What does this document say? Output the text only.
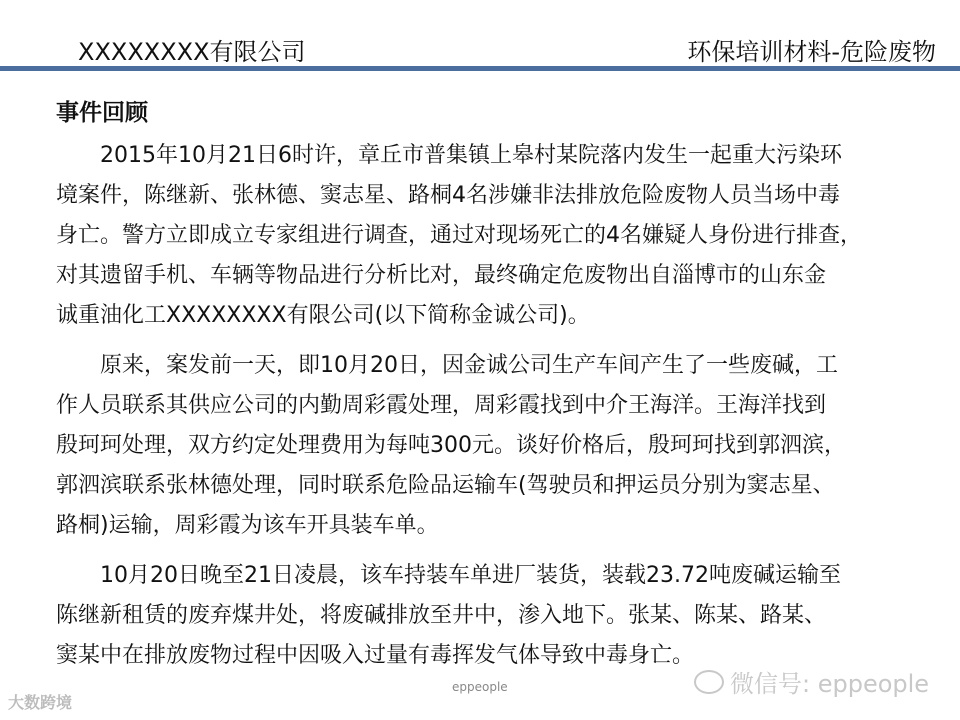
XXXXXXXX有限公司	环保培训材料-危险废物
事件回顾
2015年10月21日6时许，章丘市普集镇上皋村某院落内发生一起重大污染环
境案件，陈继新、张林德、窦志星、路桐4名涉嫌非法排放危险废物人员当场中毒
身亡。警方立即成立专家组进行调查，通过对现场死亡的4名嫌疑人身份进行排查，
对其遗留手机、车辆等物品进行分析比对，最终确定危废物出自淄博市的山东金
诚重油化工XXXXXXXX有限公司(以下简称金诚公司)。
原来，案发前一天，即10月20日，因金诚公司生产车间产生了一些废碱，工
作人员联系其供应公司的内勤周彩霞处理，周彩霞找到中介王海洋。王海洋找到
殷珂珂处理，双方约定处理费用为每吨300元。谈好价格后，殷珂珂找到郭泗滨，
郭泗滨联系张林德处理，同时联系危险品运输车(驾驶员和押运员分别为窦志星、
路桐)运输，周彩霞为该车开具装车单。
10月20日晚至21日凌晨，该车持装车单进厂装货，装载23.72吨废碱运输至
陈继新租赁的废弃煤井处，将废碱排放至井中，渗入地下。张某、陈某、路某、
窦某中在排放废物过程中因吸入过量有毒挥发气体导致中毒身亡。
大数跨境
eppeople	微信号: eppeople
